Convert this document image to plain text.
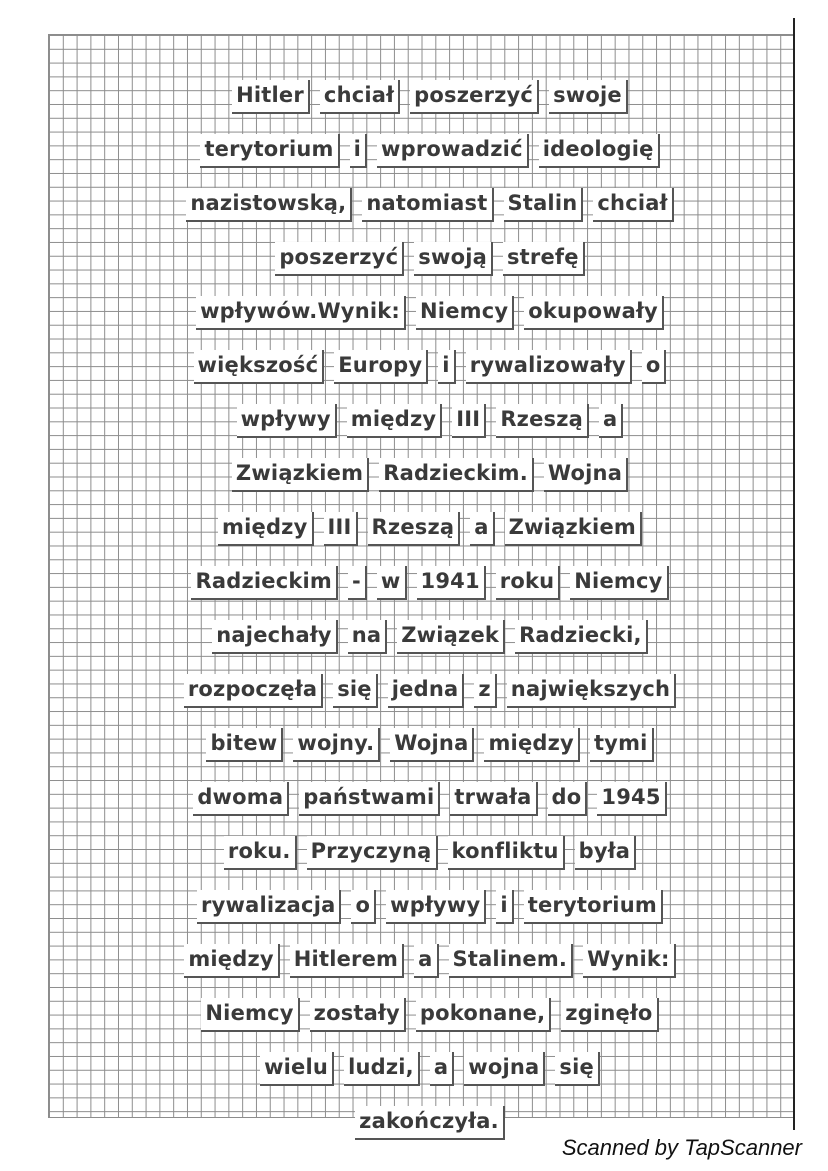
Hitler chciał poszerzyć swoje
terytorium i wprowadzić ideologię
nazistowską, natomiast Stalin chciał
poszerzyć swoją strefę
wpływów.Wynik: Niemcy okupowały
większość Europy i rywalizowały o
wpływy między III Rzeszą a
Związkiem Radzieckim. Wojna
między III Rzeszą a Związkiem
Radzieckim - w 1941 roku Niemcy
najechały na Związek Radziecki,
rozpoczęła się jedna z największych
bitew wojny. Wojna między tymi
dwoma państwami trwała do 1945
roku. Przyczyną konfliktu była
rywalizacja o wpływy i terytorium
między Hitlerem a Stalinem. Wynik:
Niemcy zostały pokonane, zginęło
wielu ludzi, a wojna się
zakończyła.
Scanned by TapScanner
